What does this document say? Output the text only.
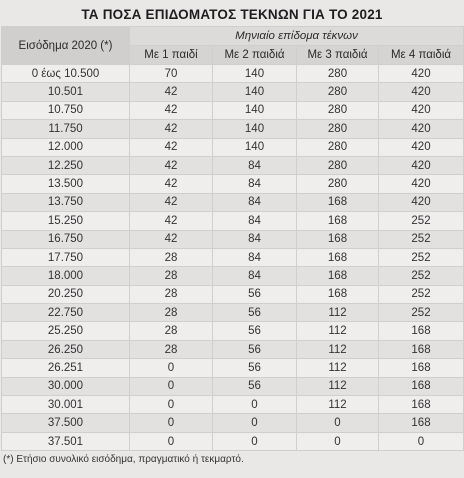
ΤΑ ΠΟΣΑ ΕΠΙΔΟΜΑΤΟΣ ΤΕΚΝΩΝ ΓΙΑ ΤΟ 2021
Εισόδημα 2020 (*)	Μηνιαίο επίδομα τέκνων			
	Με 1 παιδί	Με 2 παιδιά	Με 3 παιδιά	Με 4 παιδιά
0 έως 10.500	70	140	280	420
10.501	42	140	280	420
10.750	42	140	280	420
11.750	42	140	280	420
12.000	42	140	280	420
12.250	42	84	280	420
13.500	42	84	280	420
13.750	42	84	168	420
15.250	42	84	168	252
16.750	42	84	168	252
17.750	28	84	168	252
18.000	28	84	168	252
20.250	28	56	168	252
22.750	28	56	112	252
25.250	28	56	112	168
26.250	28	56	112	168
26.251	0	56	112	168
30.000	0	56	112	168
30.001	0	0	112	168
37.500	0	0	0	168
37.501	0	0	0	0
(*) Ετήσιο συνολικό εισόδημα, πραγματικό ή τεκμαρτό.
